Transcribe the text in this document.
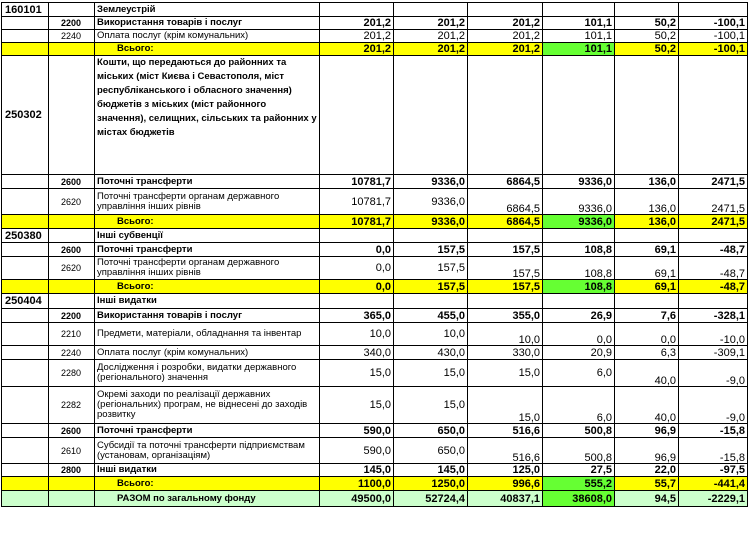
160101		Землеустрій						
	2200	Використання товарів і послуг	201,2	201,2	201,2	101,1	50,2	-100,1
	2240	Оплата послуг (крім комунальних)	201,2	201,2	201,2	101,1	50,2	-100,1
		Всього:	201,2	201,2	201,2	101,1	50,2	-100,1
250302		Кошти, що передаються до районних та міських (міст Києва і Севастополя, міст республіканського і обласного значення) бюджетів з міських (міст районного значення), селищних, сільських та районних у містах бюджетів						
	2600	Поточні трансферти	10781,7	9336,0	6864,5	9336,0	136,0	2471,5
	2620	Поточні трансферти органам державного управління інших рівнів	10781,7	9336,0	6864,5	9336,0	136,0	2471,5
		Всього:	10781,7	9336,0	6864,5	9336,0	136,0	2471,5
250380		Інші субвенції						
	2600	Поточні трансферти	0,0	157,5	157,5	108,8	69,1	-48,7
	2620	Поточні трансферти органам державного управління інших рівнів	0,0	157,5	157,5	108,8	69,1	-48,7
		Всього:	0,0	157,5	157,5	108,8	69,1	-48,7
250404		Інші видатки						
	2200	Використання товарів і послуг	365,0	455,0	355,0	26,9	7,6	-328,1
	2210	Предмети, матеріали, обладнання та інвентар	10,0	10,0	10,0	0,0	0,0	-10,0
	2240	Оплата послуг (крім комунальних)	340,0	430,0	330,0	20,9	6,3	-309,1
	2280	Дослідження і розробки, видатки державного (регіонального) значення	15,0	15,0	15,0	6,0	40,0	-9,0
	2282	Окремі заходи по реалізації державних (регіональних) програм, не віднесені до заходів розвитку	15,0	15,0	15,0	6,0	40,0	-9,0
	2600	Поточні трансферти	590,0	650,0	516,6	500,8	96,9	-15,8
	2610	Субсидії та поточні трансферти підприємствам (установам, організаціям)	590,0	650,0	516,6	500,8	96,9	-15,8
	2800	Інші видатки	145,0	145,0	125,0	27,5	22,0	-97,5
		Всього:	1100,0	1250,0	996,6	555,2	55,7	-441,4
		РАЗОМ по загальному фонду	49500,0	52724,4	40837,1	38608,0	94,5	-2229,1
